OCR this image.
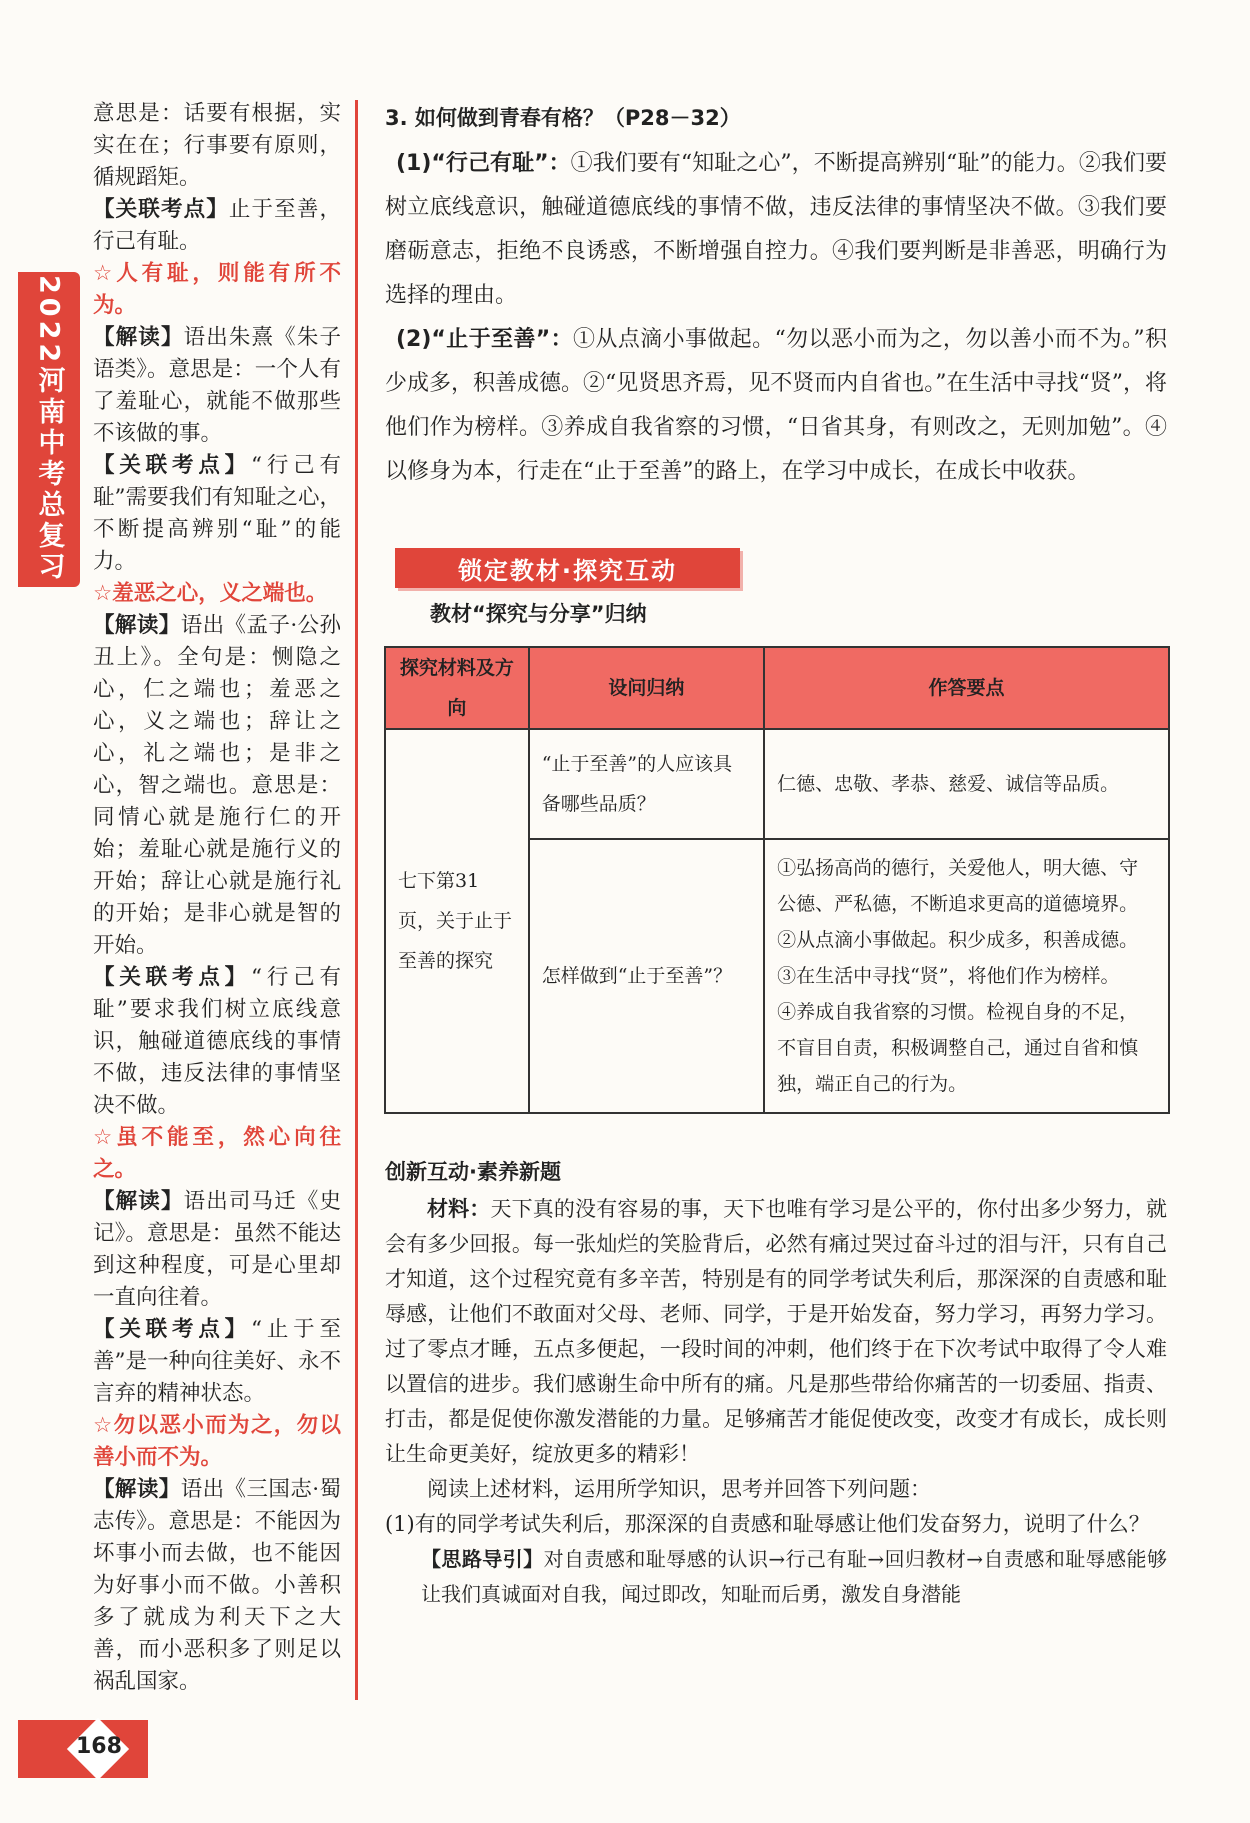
2022河南中考总复习

意思是：话要有根据，实实在在；行事要有原则，循规蹈矩。

【关联考点】止于至善，行己有耻。

☆人有耻，则能有所不为。

【解读】语出朱熹《朱子语类》。意思是：一个人有了羞耻心，就能不做那些不该做的事。

【关联考点】“行己有耻”需要我们有知耻之心，不断提高辨别“耻”的能力。

☆羞恶之心，义之端也。

【解读】语出《孟子·公孙丑上》。全句是：恻隐之心，仁之端也；羞恶之心，义之端也；辞让之心，礼之端也；是非之心，智之端也。意思是：同情心就是施行仁的开始；羞耻心就是施行义的开始；辞让心就是施行礼的开始；是非心就是智的开始。

【关联考点】“行己有耻”要求我们树立底线意识，触碰道德底线的事情不做，违反法律的事情坚决不做。

☆虽不能至，然心向往之。

【解读】语出司马迁《史记》。意思是：虽然不能达到这种程度，可是心里却一直向往着。

【关联考点】“止于至善”是一种向往美好、永不言弃的精神状态。

☆勿以恶小而为之，勿以善小而不为。

【解读】语出《三国志·蜀志传》。意思是：不能因为坏事小而去做，也不能因为好事小而不做。小善积多了就成为利天下之大善，而小恶积多了则足以祸乱国家。

3. 如何做到青春有格？（P28－32）

(1)“行己有耻”：①我们要有“知耻之心”，不断提高辨别“耻”的能力。②我们要树立底线意识，触碰道德底线的事情不做，违反法律的事情坚决不做。③我们要磨砺意志，拒绝不良诱惑，不断增强自控力。④我们要判断是非善恶，明确行为选择的理由。

(2)“止于至善”：①从点滴小事做起。“勿以恶小而为之，勿以善小而不为。”积少成多，积善成德。②“见贤思齐焉，见不贤而内自省也。”在生活中寻找“贤”，将他们作为榜样。③养成自我省察的习惯，“日省其身，有则改之，无则加勉”。④以修身为本，行走在“止于至善”的路上，在学习中成长，在成长中收获。

锁定教材·探究互动
教材“探究与分享”归纳
探究材料及方向	设问归纳	作答要点
七下第31页，关于止于至善的探究	“止于至善”的人应该具备哪些品质？	仁德、忠敬、孝恭、慈爱、诚信等品质。
	怎样做到“止于至善”？	①弘扬高尚的德行，关爱他人，明大德、守公德、严私德，不断追求更高的道德境界。
②从点滴小事做起。积少成多，积善成德。
③在生活中寻找“贤”，将他们作为榜样。
④养成自我省察的习惯。检视自身的不足，不盲目自责，积极调整自己，通过自省和慎独，端正自己的行为。

创新互动·素养新题

材料：天下真的没有容易的事，天下也唯有学习是公平的，你付出多少努力，就会有多少回报。每一张灿烂的笑脸背后，必然有痛过哭过奋斗过的泪与汗，只有自己才知道，这个过程究竟有多辛苦，特别是有的同学考试失利后，那深深的自责感和耻辱感，让他们不敢面对父母、老师、同学，于是开始发奋，努力学习，再努力学习。过了零点才睡，五点多便起，一段时间的冲刺，他们终于在下次考试中取得了令人难以置信的进步。我们感谢生命中所有的痛。凡是那些带给你痛苦的一切委屈、指责、打击，都是促使你激发潜能的力量。足够痛苦才能促使改变，改变才有成长，成长则让生命更美好，绽放更多的精彩！

阅读上述材料，运用所学知识，思考并回答下列问题：

(1)有的同学考试失利后，那深深的自责感和耻辱感让他们发奋努力，说明了什么？

【思路导引】对自责感和耻辱感的认识→行己有耻→回归教材→自责感和耻辱感能够让我们真诚面对自我，闻过即改，知耻而后勇，激发自身潜能

168
